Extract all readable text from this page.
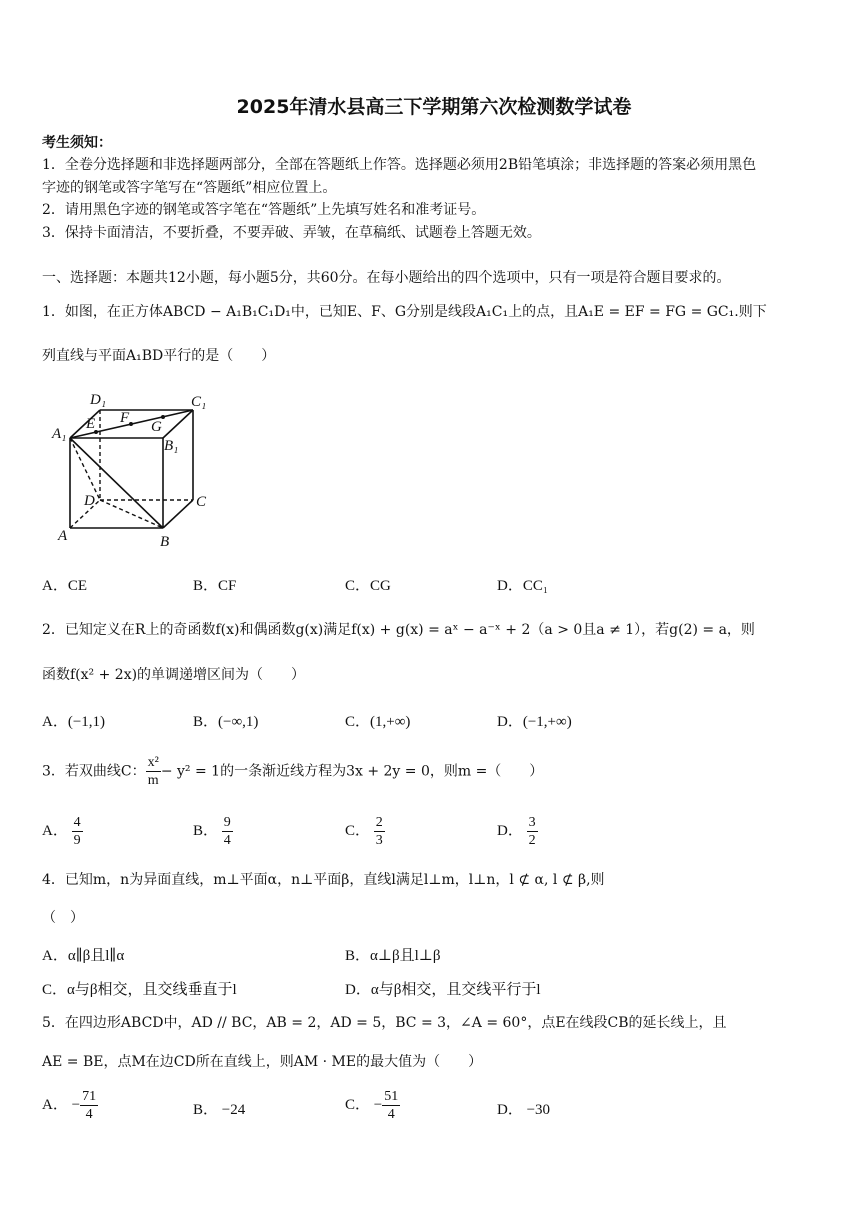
2025年清水县高三下学期第六次检测数学试卷
考生须知：
1．全卷分选择题和非选择题两部分，全部在答题纸上作答。选择题必须用2B铅笔填涂；非选择题的答案必须用黑色
字迹的钢笔或答字笔写在“答题纸”相应位置上。
2．请用黑色字迹的钢笔或答字笔在“答题纸”上先填写姓名和准考证号。
3．保持卡面清洁，不要折叠，不要弄破、弄皱，在草稿纸、试题卷上答题无效。
一、选择题：本题共12小题，每小题5分，共60分。在每小题给出的四个选项中，只有一项是符合题目要求的。
1．如图，在正方体ABCD − A₁B₁C₁D₁中，已知E、F、G分别是线段A₁C₁上的点，且A₁E = EF = FG = GC₁.则下
列直线与平面A₁BD平行的是（　　）
D₁	C₁
A₁
E F
G
B₁
D	C
A	B
A．CE	B．CF	C．CG	D．CC₁
2．已知定义在R上的奇函数f(x)和偶函数g(x)满足f(x) + g(x) = aˣ − a⁻ˣ + 2（a > 0且a ≠ 1），若g(2) = a，则
函数f(x² + 2x)的单调递增区间为（　　）
A．(−1,1)	B．(−∞,1)	C．(1,+∞)	D．(−1,+∞)
3．若双曲线C： $\frac{\text{x²}}{m} - y^2 = 1$的一条渐近线方程为3x + 2y = 0，则m =（　　）
A． $\frac{4}{9}$	B． $\frac{9}{4}$	C． $\frac{2}{3}$	D． $\frac{3}{2}$
4．已知m，n为异面直线，m⊥平面α，n⊥平面β，直线l满足l⊥m，l⊥n，l ⊄ α, l ⊄ β,则
（　）
A．α∥β且l∥α	B．α⊥β且l⊥β
C．α与β相交，且交线垂直于l	D．α与β相交，且交线平行于l
5．在四边形ABCD中，AD // BC，AB = 2，AD = 5，BC = 3，∠A = 60°，点E在线段CB的延长线上，且
AE = BE，点M在边CD所在直线上，则AM · ME的最大值为（　　）
A． − $\frac{71}{4}$	B． −24	C． − $\frac{51}{4}$	D． −30
